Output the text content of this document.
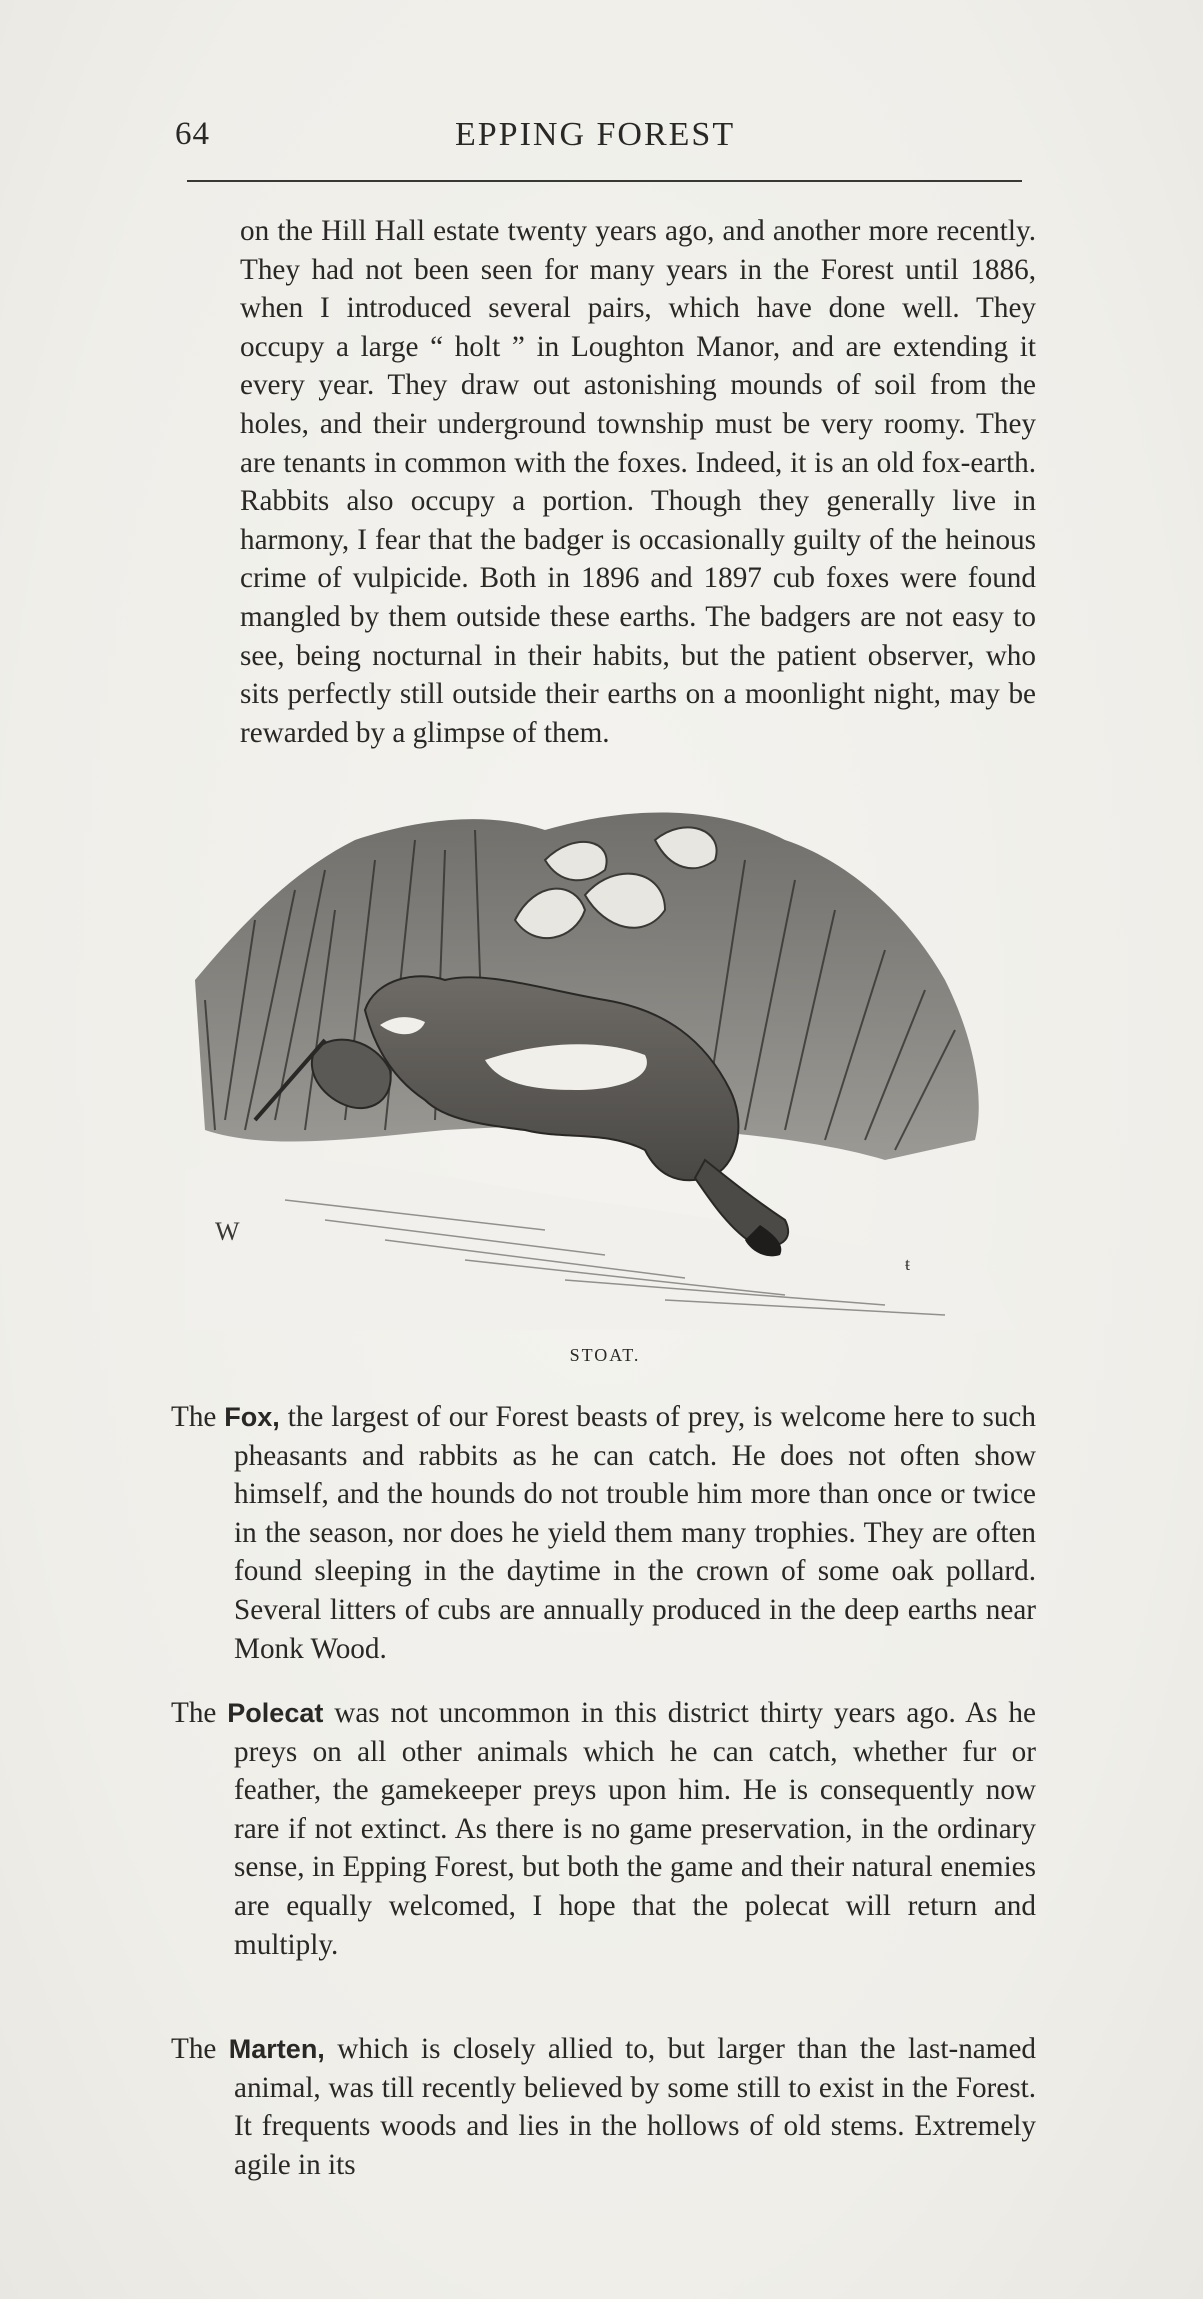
64	EPPING FOREST

on the Hill Hall estate twenty years ago, and another more recently. They had not been seen for many years in the Forest until 1886, when I introduced several pairs, which have done well. They occupy a large “ holt ” in Loughton Manor, and are extending it every year. They draw out astonishing mounds of soil from the holes, and their underground township must be very roomy. They are tenants in common with the foxes. Indeed, it is an old fox-earth. Rabbits also occupy a portion. Though they generally live in harmony, I fear that the badger is occasionally guilty of the heinous crime of vulpicide. Both in 1896 and 1897 cub foxes were found mangled by them outside these earths. The badgers are not easy to see, being nocturnal in their habits, but the patient observer, who sits perfectly still outside their earths on a moonlight night, may be rewarded by a glimpse of them.

W
ŧ
STOAT.

The Fox, the largest of our Forest beasts of prey, is welcome here to such pheasants and rabbits as he can catch. He does not often show himself, and the hounds do not trouble him more than once or twice in the season, nor does he yield them many trophies. They are often found sleeping in the daytime in the crown of some oak pollard. Several litters of cubs are annually produced in the deep earths near Monk Wood.

The Polecat was not uncommon in this district thirty years ago. As he preys on all other animals which he can catch, whether fur or feather, the gamekeeper preys upon him. He is consequently now rare if not extinct. As there is no game preservation, in the ordinary sense, in Epping Forest, but both the game and their natural enemies are equally welcomed, I hope that the polecat will return and multiply.

The Marten, which is closely allied to, but larger than the last-named animal, was till recently believed by some still to exist in the Forest. It frequents woods and lies in the hollows of old stems. Extremely agile in its
